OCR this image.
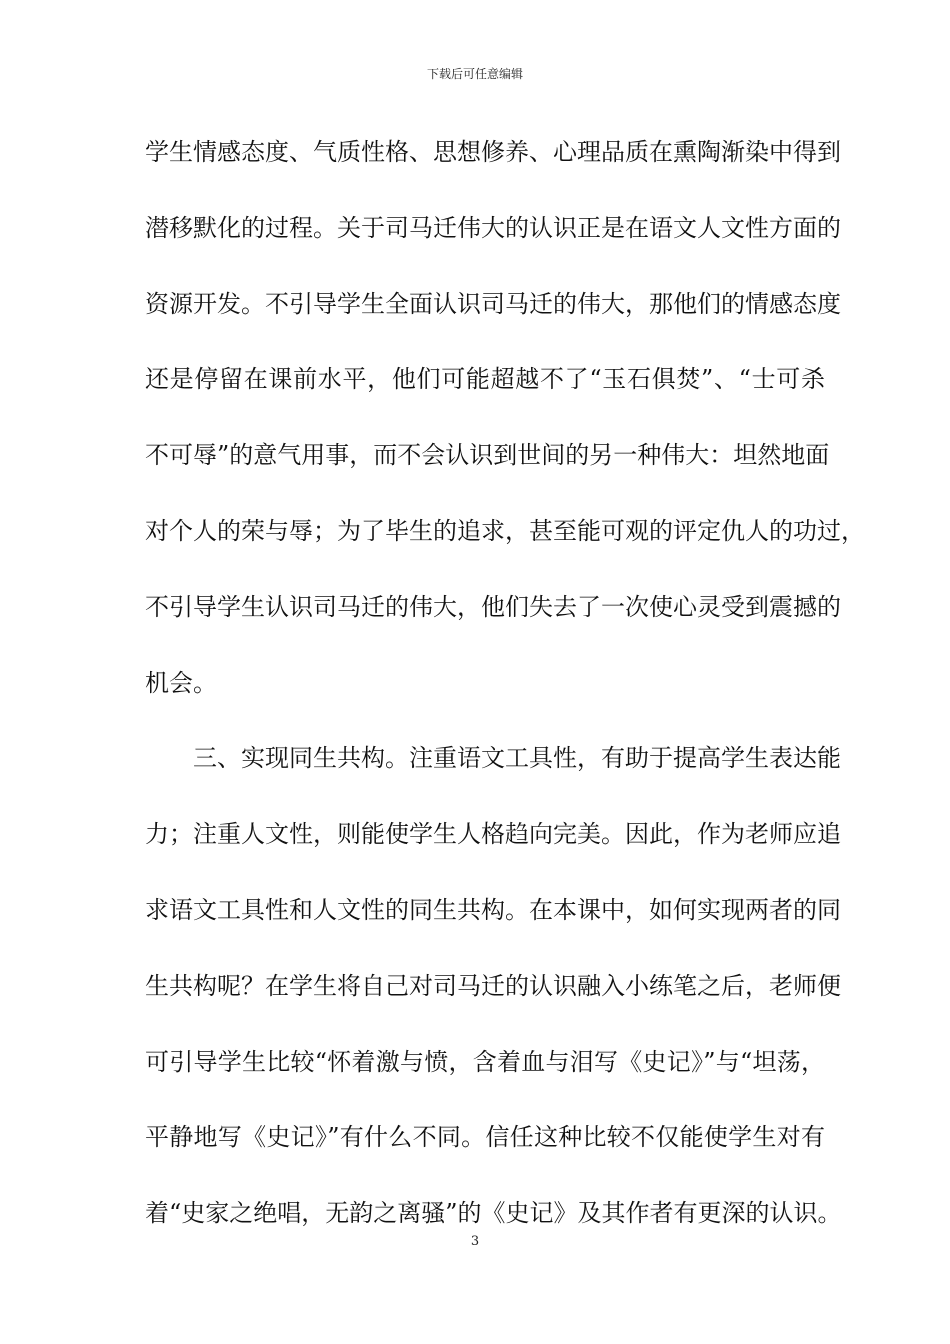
下载后可任意编辑
学生情感态度、气质性格、思想修养、心理品质在熏陶渐染中得到
潜移默化的过程。关于司马迁伟大的认识正是在语文人文性方面的
资源开发。不引导学生全面认识司马迁的伟大，那他们的情感态度
还是停留在课前水平，他们可能超越不了“玉石俱焚”、“士可杀
不可辱”的意气用事，而不会认识到世间的另一种伟大：坦然地面
对个人的荣与辱；为了毕生的追求，甚至能可观的评定仇人的功过，
不引导学生认识司马迁的伟大，他们失去了一次使心灵受到震撼的
机会。
三、实现同生共构。注重语文工具性，有助于提高学生表达能
力；注重人文性，则能使学生人格趋向完美。因此，作为老师应追
求语文工具性和人文性的同生共构。在本课中，如何实现两者的同
生共构呢？在学生将自己对司马迁的认识融入小练笔之后，老师便
可引导学生比较“怀着激与愤，含着血与泪写《史记》”与“坦荡，
平静地写《史记》”有什么不同。信任这种比较不仅能使学生对有
着“史家之绝唱，无韵之离骚”的《史记》及其作者有更深的认识。
3
